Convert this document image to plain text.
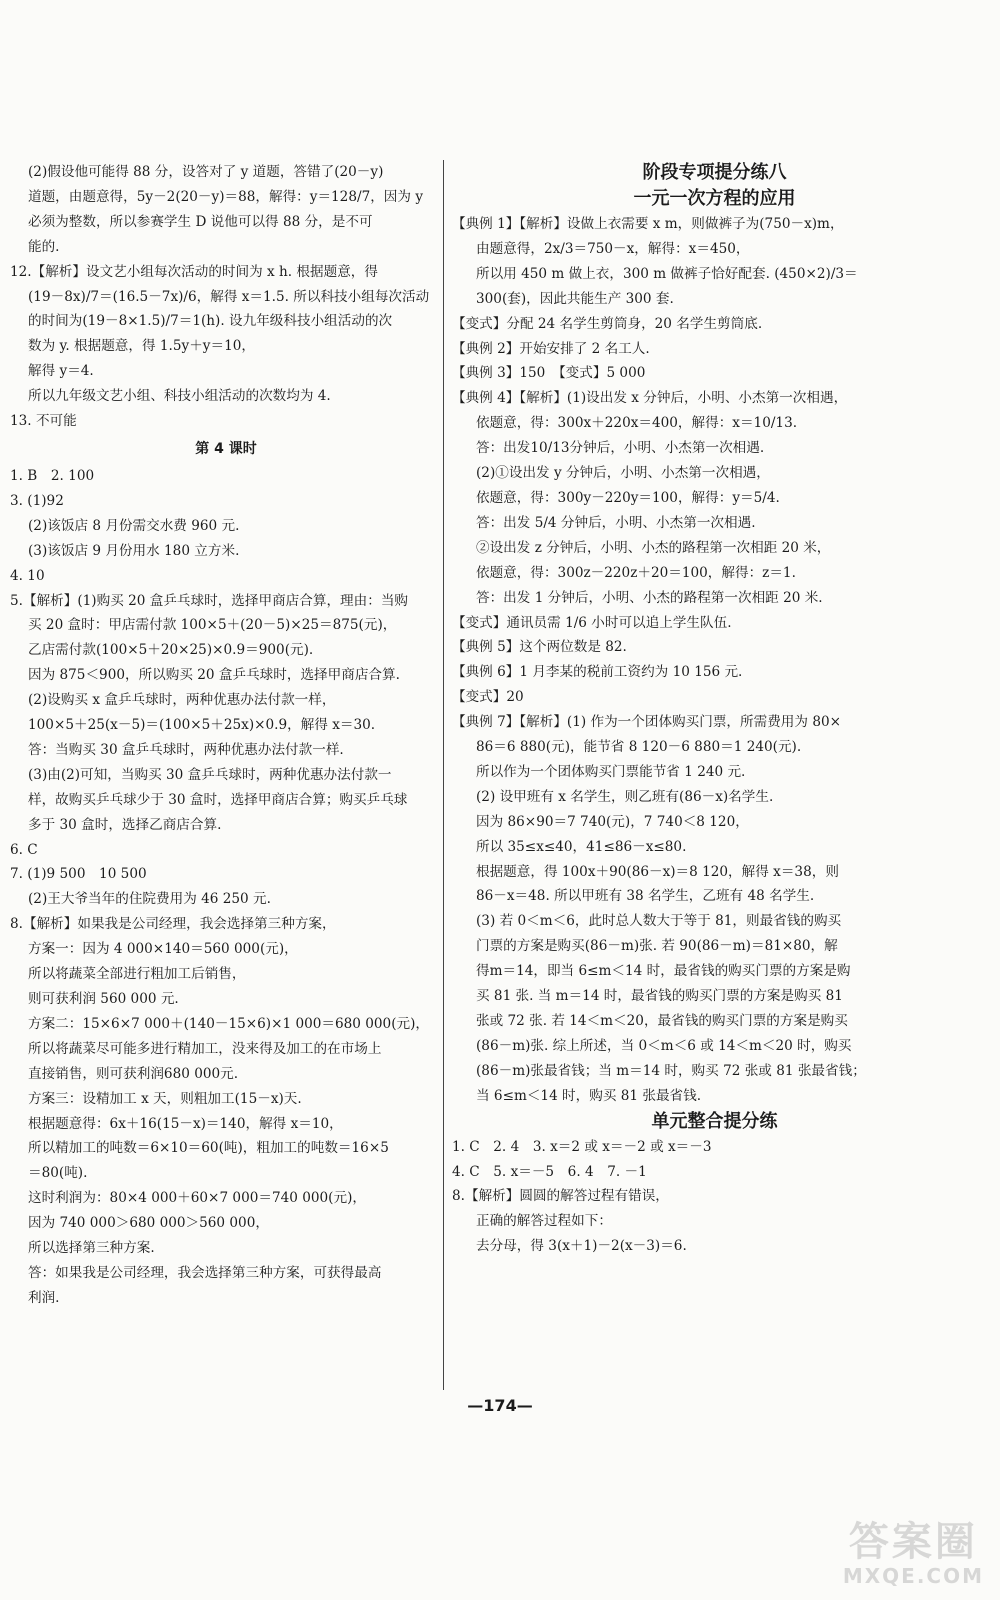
(2)假设他可能得 88 分，设答对了 y 道题，答错了(20－y)
道题，由题意得，5y－2(20－y)＝88，解得：y＝128/7，因为 y
必须为整数，所以参赛学生 D 说他可以得 88 分，是不可
能的.
12.【解析】设文艺小组每次活动的时间为 x h. 根据题意，得
(19－8x)/7＝(16.5－7x)/6，解得 x＝1.5. 所以科技小组每次活动
的时间为(19－8×1.5)/7＝1(h). 设九年级科技小组活动的次
数为 y. 根据题意，得 1.5y＋y＝10，
解得 y＝4.
所以九年级文艺小组、科技小组活动的次数均为 4.
13. 不可能
第 4 课时
1. B　2. 100
3. (1)92
(2)该饭店 8 月份需交水费 960 元.
(3)该饭店 9 月份用水 180 立方米.
4. 10
5.【解析】(1)购买 20 盒乒乓球时，选择甲商店合算，理由：当购
买 20 盒时：甲店需付款 100×5＋(20－5)×25＝875(元)，
乙店需付款(100×5＋20×25)×0.9＝900(元).
因为 875＜900，所以购买 20 盒乒乓球时，选择甲商店合算.
(2)设购买 x 盒乒乓球时，两种优惠办法付款一样，
100×5＋25(x－5)＝(100×5＋25x)×0.9，解得 x＝30.
答：当购买 30 盒乒乓球时，两种优惠办法付款一样.
(3)由(2)可知，当购买 30 盒乒乓球时，两种优惠办法付款一
样，故购买乒乓球少于 30 盒时，选择甲商店合算；购买乒乓球
多于 30 盒时，选择乙商店合算.
6. C
7. (1)9 500　10 500
(2)王大爷当年的住院费用为 46 250 元.
8.【解析】如果我是公司经理，我会选择第三种方案，
方案一：因为 4 000×140＝560 000(元)，
所以将蔬菜全部进行粗加工后销售，
则可获利润 560 000 元.
方案二：15×6×7 000＋(140－15×6)×1 000＝680 000(元)，
所以将蔬菜尽可能多进行精加工，没来得及加工的在市场上
直接销售，则可获利润680 000元.
方案三：设精加工 x 天，则粗加工(15－x)天.
根据题意得：6x＋16(15－x)＝140，解得 x＝10，
所以精加工的吨数＝6×10＝60(吨)，粗加工的吨数＝16×5
＝80(吨).
这时利润为：80×4 000＋60×7 000＝740 000(元)，
因为 740 000＞680 000＞560 000，
所以选择第三种方案.
答：如果我是公司经理，我会选择第三种方案，可获得最高
利润.
阶段专项提分练八
一元一次方程的应用
【典例 1】【解析】设做上衣需要 x m，则做裤子为(750－x)m，
由题意得，2x/3＝750－x，解得：x＝450，
所以用 450 m 做上衣，300 m 做裤子恰好配套. (450×2)/3＝
300(套)，因此共能生产 300 套.
【变式】分配 24 名学生剪筒身，20 名学生剪筒底.
【典例 2】开始安排了 2 名工人.
【典例 3】150　【变式】5 000
【典例 4】【解析】(1)设出发 x 分钟后，小明、小杰第一次相遇，
依题意，得：300x＋220x＝400，解得：x＝10/13.
答：出发10/13分钟后，小明、小杰第一次相遇.
(2)①设出发 y 分钟后，小明、小杰第一次相遇，
依题意，得：300y－220y＝100，解得：y＝5/4.
答：出发 5/4 分钟后，小明、小杰第一次相遇.
②设出发 z 分钟后，小明、小杰的路程第一次相距 20 米，
依题意，得：300z－220z＋20＝100，解得：z＝1.
答：出发 1 分钟后，小明、小杰的路程第一次相距 20 米.
【变式】通讯员需 1/6 小时可以追上学生队伍.
【典例 5】这个两位数是 82.
【典例 6】1 月李某的税前工资约为 10 156 元.
【变式】20
【典例 7】【解析】(1) 作为一个团体购买门票，所需费用为 80×
86＝6 880(元)，能节省 8 120－6 880＝1 240(元).
所以作为一个团体购买门票能节省 1 240 元.
(2) 设甲班有 x 名学生，则乙班有(86－x)名学生.
因为 86×90＝7 740(元)，7 740＜8 120，
所以 35≤x≤40，41≤86－x≤80.
根据题意，得 100x＋90(86－x)＝8 120，解得 x＝38，则
86－x＝48. 所以甲班有 38 名学生，乙班有 48 名学生.
(3) 若 0＜m＜6，此时总人数大于等于 81，则最省钱的购买
门票的方案是购买(86－m)张. 若 90(86－m)＝81×80，解
得m＝14，即当 6≤m＜14 时，最省钱的购买门票的方案是购
买 81 张. 当 m＝14 时，最省钱的购买门票的方案是购买 81
张或 72 张. 若 14＜m＜20，最省钱的购买门票的方案是购买
(86－m)张. 综上所述，当 0＜m＜6 或 14＜m＜20 时，购买
(86－m)张最省钱；当 m＝14 时，购买 72 张或 81 张最省钱；
当 6≤m＜14 时，购买 81 张最省钱.
单元整合提分练
1. C　2. 4　3. x＝2 或 x＝－2 或 x＝－3
4. C　5. x＝－5　6. 4　7. －1
8.【解析】圆圆的解答过程有错误，
正确的解答过程如下：
去分母，得 3(x＋1)－2(x－3)＝6.
—174—
答案圈
MXQE.COM
